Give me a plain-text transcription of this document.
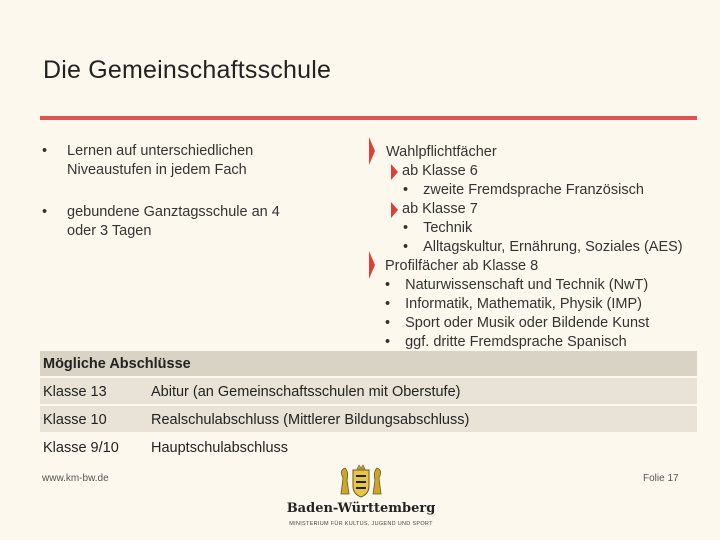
Die Gemeinschaftsschule
• Lernen auf unterschiedlichen
Niveaustufen in jedem Fach
• gebundene Ganztagsschule an 4
oder 3 Tagen
Wahlpflichtfächer
ab Klasse 6
• zweite Fremdsprache Französisch
ab Klasse 7
• Technik
• Alltagskultur, Ernährung, Soziales (AES)
Profilfächer ab Klasse 8
• Naturwissenschaft und Technik (NwT)
• Informatik, Mathematik, Physik (IMP)
• Sport oder Musik oder Bildende Kunst
• ggf. dritte Fremdsprache Spanisch
Mögliche Abschlüsse
Klasse 13	Abitur (an Gemeinschaftsschulen mit Oberstufe)
Klasse 10	Realschulabschluss (Mittlerer Bildungsabschluss)
Klasse 9/10 Hauptschulabschluss
www.km-bw.de	Folie 17
Baden-Württemberg
MINISTERIUM FÜR KULTUS, JUGEND UND SPORT
